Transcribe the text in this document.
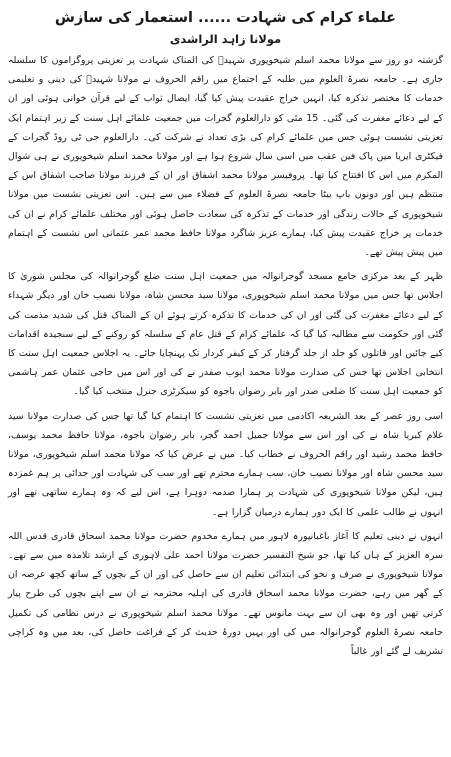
علماء کرام کی شہادت ...... استعمار کی سازش
مولانا زاہد الراشدی
گزشتہ دو روز سے مولانا محمد اسلم شیخوپوری شہیدؒ کی المناک شہادت پر تعزیتی پروگراموں کا سلسلہ جاری ہے۔ جامعہ نصرۃ العلوم میں طلبہ کے اجتماع میں راقم الحروف نے مولانا شہیدؒ کی دینی و تعلیمی خدمات کا مختصر تذکرہ کیا، انہیں خراج عقیدت پیش کیا گیا، ایصال ثواب کے لیے قرآن خوانی ہوئی اور ان کے لیے دعائے مغفرت کی گئی۔ 15 مئی کو دارالعلوم گجرات میں جمعیت علمائے اہل سنت کے زیر اہتمام ایک تعزیتی نشست ہوئی جس میں علمائے کرام کی بڑی تعداد نے شرکت کی۔ دارالعلوم جی ٹی روڈ گجرات کے فیکٹری ایریا میں پاک فین عقب میں اسی سال شروع ہوا ہے اور مولانا محمد اسلم شیخوپوری نے ہی شوال المکرم میں اس کا افتتاح کیا تھا۔ پروفیسر مولانا محمد اشفاق اور ان کے فرزند مولانا صاحب اشفاق اس کے منتظم ہیں اور دونوں باپ بیٹا جامعہ نصرۃ العلوم کے فضلاء میں سے ہیں۔ اس تعزیتی نشست میں مولانا شیخوپوری کے حالات زندگی اور خدمات کے تذکرہ کی سعادت حاصل ہوئی اور مختلف علمائے کرام نے ان کی خدمات پر خراج عقیدت پیش کیا، ہمارے عزیز شاگرد مولانا حافظ محمد عمر عثمانی اس نشست کے اہتمام میں پیش پیش تھے۔
ظہر کے بعد مرکزی جامع مسجد گوجرانوالہ میں جمعیت اہل سنت ضلع گوجرانوالہ کی مجلس شوریٰ کا اجلاس تھا جس میں مولانا محمد اسلم شیخوپوری، مولانا سید محسن شاہ، مولانا نصیب خان اور دیگر شہداء کے لیے دعائے مغفرت کی گئی اور ان کی خدمات کا تذکرہ کرتے ہوئے ان کے المناک قتل کی شدید مذمت کی گئی اور حکومت سے مطالبہ کیا گیا کہ علمائے کرام کے قتل عام کے سلسلہ کو روکنے کے لیے سنجیدہ اقدامات کیے جائیں اور قاتلوں کو جلد از جلد گرفتار کر کے کیفر کردار تک پہنچایا جائے۔ یہ اجلاس جمعیت اہل سنت کا انتخابی اجلاس تھا جس کی صدارت مولانا محمد ایوب صفدر نے کی اور اس میں حاجی عثمان عمر ہاشمی کو جمعیت اہل سنت کا ضلعی صدر اور بابر رضوان باجوہ کو سیکرٹری جنرل منتخب کیا گیا۔
اسی روز عصر کے بعد الشریعہ اکادمی میں تعزیتی نشست کا اہتمام کیا گیا تھا جس کی صدارت مولانا سید غلام کبریا شاہ نے کی اور اس سے مولانا جمیل احمد گجر، بابر رضوان باجوہ، مولانا حافظ محمد یوسف، حافظ محمد رشید اور راقم الحروف نے خطاب کیا۔ میں نے عرض کیا کہ مولانا محمد اسلم شیخوپوری، مولانا سید محسن شاہ اور مولانا نصیب خان، سب ہمارے محترم تھے اور سب کی شہادت اور جدائی پر ہم غمزدہ ہیں، لیکن مولانا شیخوپوری کی شہادت پر ہمارا صدمہ دوہرا ہے، اس لیے کہ وہ ہمارے ساتھی تھے اور انہوں نے طالب علمی کا ایک دور ہمارے درمیان گزارا ہے۔
انہوں نے دینی تعلیم کا آغاز باغبانپورہ لاہور میں ہمارے مخدوم حضرت مولانا محمد اسحاق قادری قدس اللہ سرہ العزیز کے ہاں کیا تھا، جو شیخ التفسیر حضرت مولانا احمد علی لاہوری کے ارشد تلامذہ میں سے تھے۔ مولانا شیخوپوری نے صرف و نحو کی ابتدائی تعلیم ان سے حاصل کی اور ان کے بچوں کے ساتھ کچھ عرصہ ان کے گھر میں رہے، حضرت مولانا محمد اسحاق قادری کی اہلیہ محترمہ نے ان سے اپنے بچوں کی طرح پیار کرتی تھیں اور وہ بھی ان سے بہت مانوس تھے۔ مولانا محمد اسلم شیخوپوری نے درس نظامی کی تکمیل جامعہ نصرۃ العلوم گوجرانوالہ میں کی اور یہیں دورۂ حدیث کر کے فراغت حاصل کی، بعد میں وہ کراچی تشریف لے گئے اور غالباً
